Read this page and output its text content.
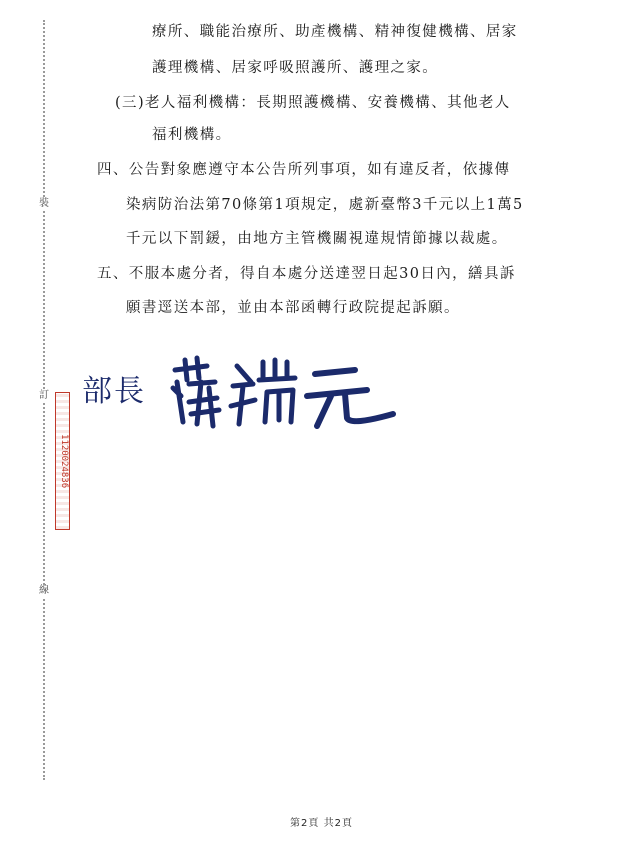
裝
訂
線
1120024836

療所、職能治療所、助產機構、精神復健機構、居家

護理機構、居家呼吸照護所、護理之家。

(三)老人福利機構：長期照護機構、安養機構、其他老人

福利機構。

四、公告對象應遵守本公告所列事項，如有違反者，依據傳

染病防治法第70條第1項規定，處新臺幣3千元以上1萬5

千元以下罰鍰，由地方主管機關視違規情節據以裁處。

五、不服本處分者，得自本處分送達翌日起30日內，繕具訴

願書逕送本部，並由本部函轉行政院提起訴願。

部長
第2頁 共2頁
